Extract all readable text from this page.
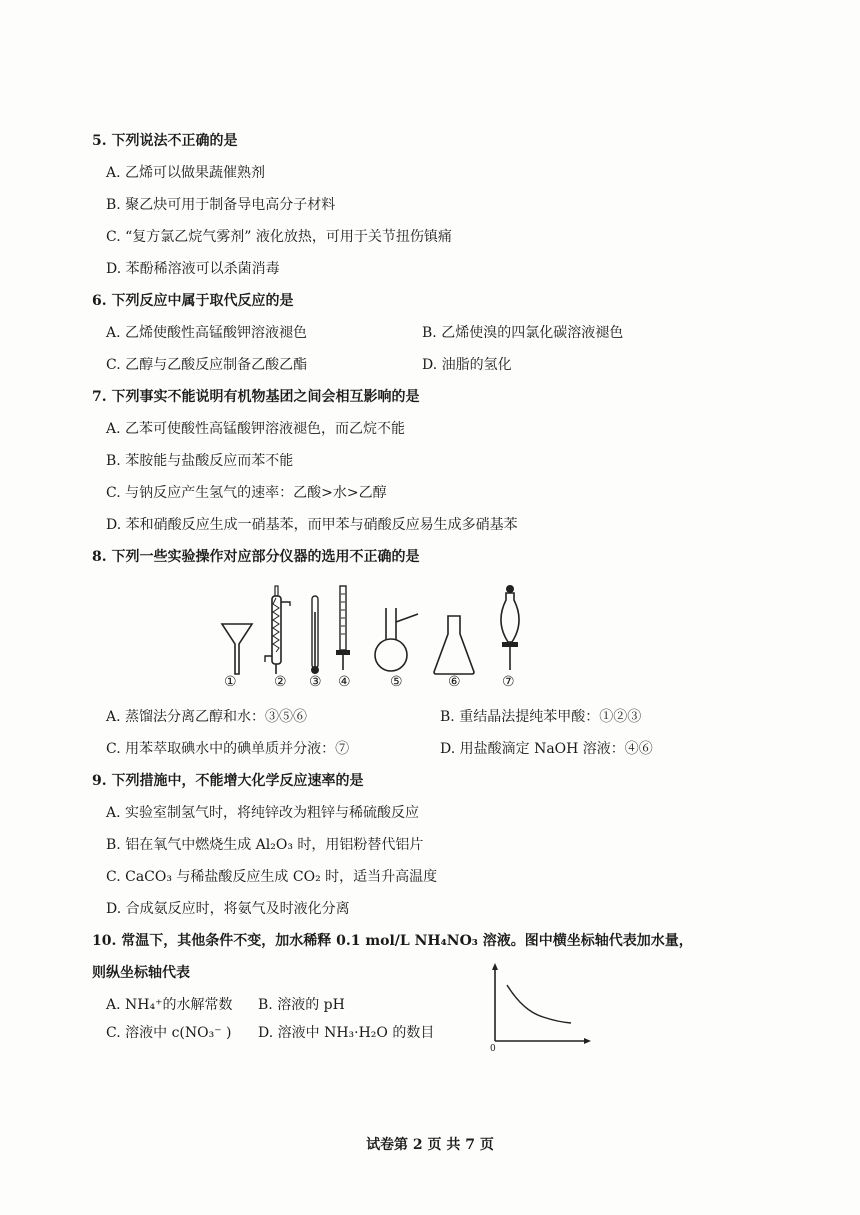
5. 下列说法不正确的是
A. 乙烯可以做果蔬催熟剂
B. 聚乙炔可用于制备导电高分子材料
C. “复方氯乙烷气雾剂” 液化放热，可用于关节扭伤镇痛
D. 苯酚稀溶液可以杀菌消毒
6. 下列反应中属于取代反应的是
A. 乙烯使酸性高锰酸钾溶液褪色	B. 乙烯使溴的四氯化碳溶液褪色
C. 乙醇与乙酸反应制备乙酸乙酯	D. 油脂的氢化
7. 下列事实不能说明有机物基团之间会相互影响的是
A. 乙苯可使酸性高锰酸钾溶液褪色，而乙烷不能
B. 苯胺能与盐酸反应而苯不能
C. 与钠反应产生氢气的速率：乙酸>水>乙醇
D. 苯和硝酸反应生成一硝基苯，而甲苯与硝酸反应易生成多硝基苯
8. 下列一些实验操作对应部分仪器的选用不正确的是
①	② ③ ④	⑤	⑥	⑦
A. 蒸馏法分离乙醇和水：③⑤⑥	B. 重结晶法提纯苯甲酸：①②③
C. 用苯萃取碘水中的碘单质并分液：⑦	D. 用盐酸滴定 NaOH 溶液：④⑥
9. 下列措施中，不能增大化学反应速率的是
A. 实验室制氢气时，将纯锌改为粗锌与稀硫酸反应
B. 铝在氧气中燃烧生成 Al₂O₃ 时，用铝粉替代铝片
C. CaCO₃ 与稀盐酸反应生成 CO₂ 时，适当升高温度
D. 合成氨反应时，将氨气及时液化分离
10. 常温下，其他条件不变，加水稀释 0.1 mol/L NH₄NO₃ 溶液。图中横坐标轴代表加水量，
则纵坐标轴代表
A. NH₄⁺的水解常数 B. 溶液的 pH
C. 溶液中 c(NO₃⁻ ) D. 溶液中 NH₃·H₂O 的数目
0
试卷第 2 页 共 7 页
